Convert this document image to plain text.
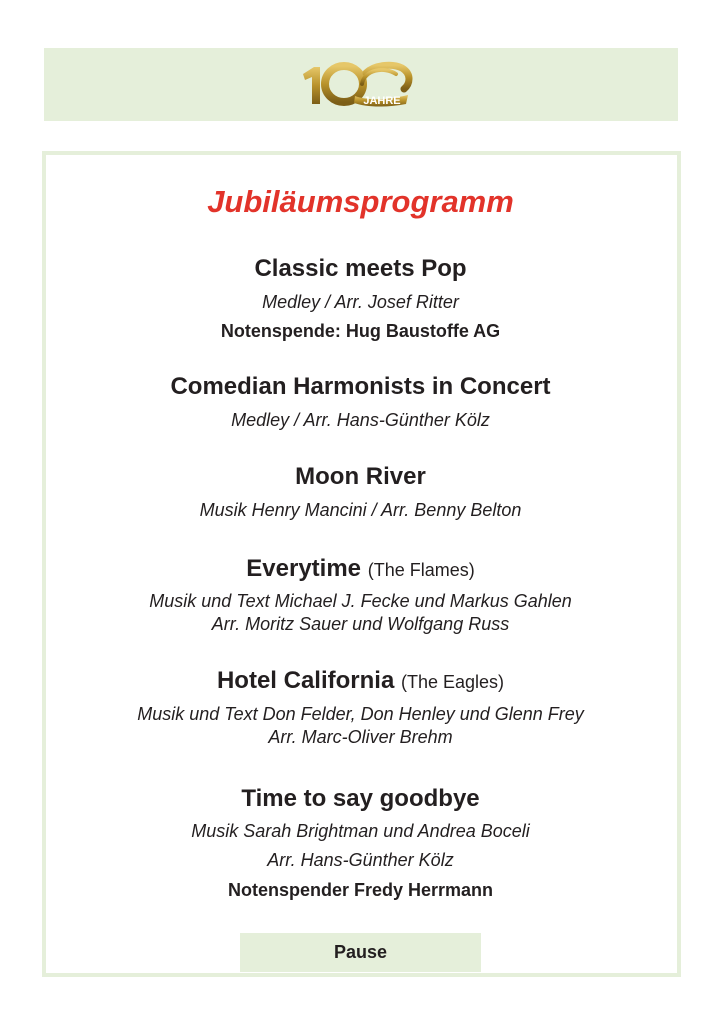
JAHRE
Jubiläumsprogramm
Classic meets Pop
Medley / Arr. Josef Ritter
Notenspende: Hug Baustoffe AG
Comedian Harmonists in Concert
Medley / Arr. Hans-Günther Kölz
Moon River
Musik Henry Mancini / Arr. Benny Belton
Everytime (The Flames)
Musik und Text Michael J. Fecke und Markus Gahlen
Arr. Moritz Sauer und Wolfgang Russ
Hotel California (The Eagles)
Musik und Text Don Felder, Don Henley und Glenn Frey
Arr. Marc-Oliver Brehm
Time to say goodbye
Musik Sarah Brightman und Andrea Boceli
Arr. Hans-Günther Kölz
Notenspender Fredy Herrmann
Pause
